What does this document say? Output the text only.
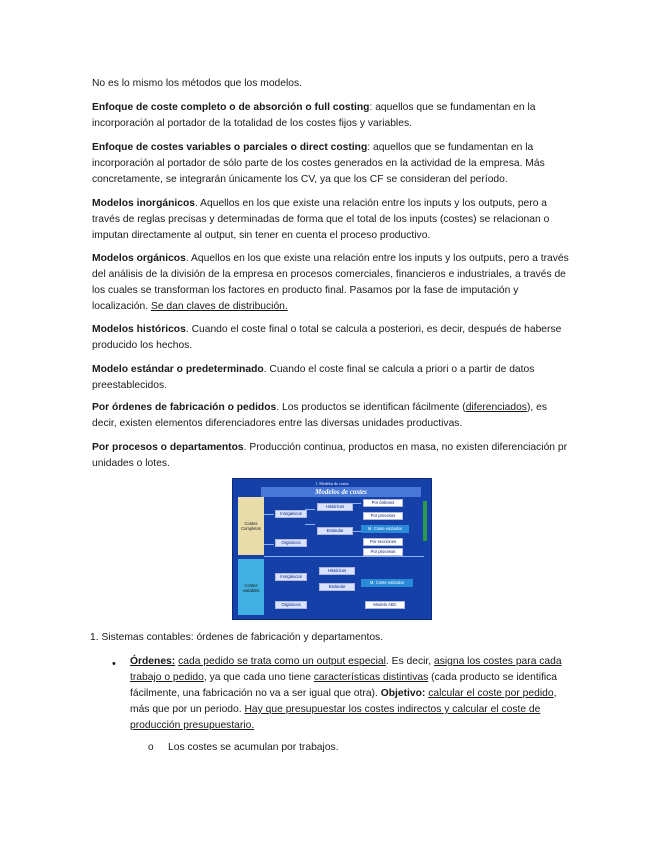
No es lo mismo los métodos que los modelos.

Enfoque de coste completo o de absorción o full costing: aquellos que se fundamentan en la incorporación al portador de la totalidad de los costes fijos y variables.

Enfoque de costes variables o parciales o direct costing: aquellos que se fundamentan en la incorporación al portador de sólo parte de los costes generados en la actividad de la empresa. Más concretamente, se integrarán únicamente los CV, ya que los CF se consideran del período.

Modelos inorgánicos. Aquellos en los que existe una relación entre los inputs y los outputs, pero a través de reglas precisas y determinadas de forma que el total de los inputs (costes) se relacionan o imputan directamente al output, sin tener en cuenta el proceso productivo.

Modelos orgánicos. Aquellos en los que existe una relación entre los inputs y los outputs, pero a través del análisis de la división de la empresa en procesos comerciales, financieros e industriales, a través de los cuales se transforman los factores en producto final. Pasamos por la fase de imputación y localización. Se dan claves de distribución.

Modelos históricos. Cuando el coste final o total se calcula a posteriori, es decir, después de haberse producido los hechos.

Modelo estándar o predeterminado. Cuando el coste final se calcula a priori o a partir de datos preestablecidos.

Por órdenes de fabricación o pedidos. Los productos se identifican fácilmente (diferenciados), es decir, existen elementos diferenciadores entre las diversas unidades productivas.

Por procesos o departamentos. Producción continua, productos en masa, no existen diferenciación pr unidades o lotes.

1. Modelos de costes
Modelos de costes
Costes Completos
Costes variables
Inorgánicos
Orgánicos
Históricos
Estándar
Por órdenes
Por procesos
M. Coste estándar
Por secciones
Por procesos
Inorgánicos
Orgánicos
Históricos
Estándar
M. Coste estándar
Modelo ABC

1. Sistemas contables: órdenes de fabricación y departamentos.

• Órdenes: cada pedido se trata como un output especial. Es decir, asigna los costes para cada trabajo o pedido, ya que cada uno tiene características distintivas (cada producto se identifica fácilmente, una fabricación no va a ser igual que otra). Objetivo: calcular el coste por pedido, más que por un periodo. Hay que presupuestar los costes indirectos y calcular el coste de producción presupuestario.

o Los costes se acumulan por trabajos.
